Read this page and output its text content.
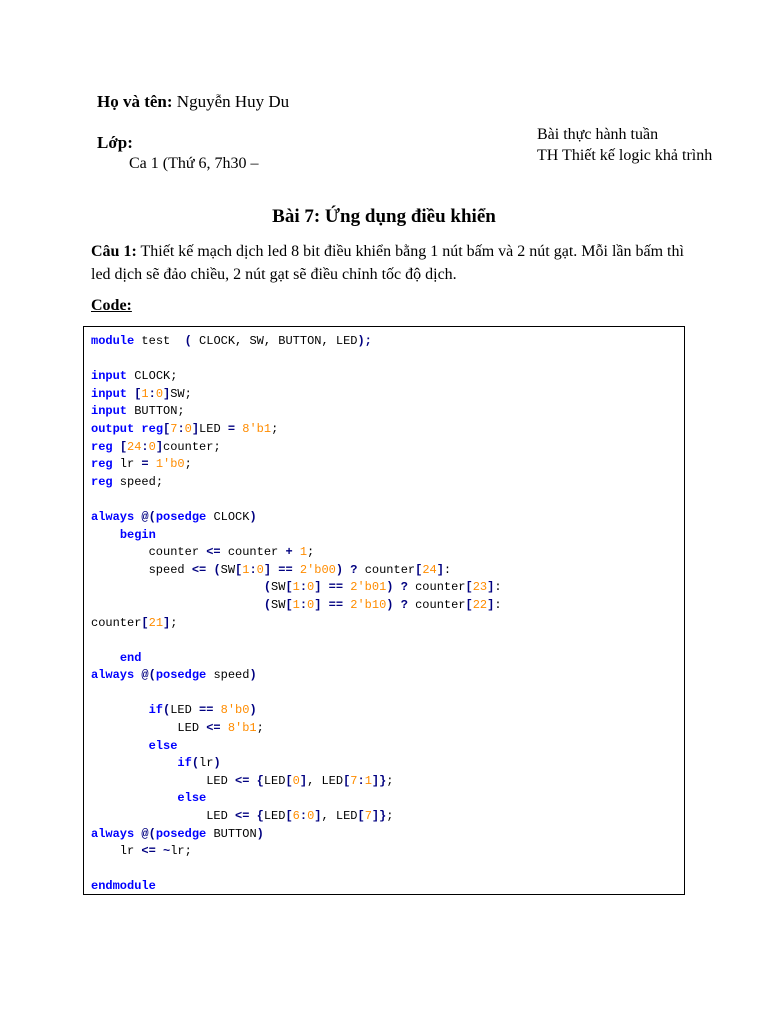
Họ và tên: Nguyễn Huy Du
Lớp:
Ca 1 (Thứ 6, 7h30 –
Bài thực hành tuần
TH Thiết kế logic khả trình
Bài 7: Ứng dụng điều khiển
Câu 1: Thiết kế mạch dịch led 8 bit điều khiển bằng 1 nút bấm và 2 nút gạt. Mỗi lần bấm thì led dịch sẽ đảo chiều, 2 nút gạt sẽ điều chỉnh tốc độ dịch.
Code:
module test  ( CLOCK, SW, BUTTON, LED);
input CLOCK;
input [1:0]SW;
input BUTTON;
output reg[7:0]LED = 8'b1;
reg [24:0]counter;
reg lr = 1'b0;
reg speed;
always @(posedge CLOCK)
begin
counter <= counter + 1;
speed <= (SW[1:0] == 2'b00) ? counter[24]:
(SW[1:0] == 2'b01) ? counter[23]:
(SW[1:0] == 2'b10) ? counter[22]:
counter[21];
end
always @(posedge speed)
if(LED == 8'b0)
LED <= 8'b1;
else
if(lr)
LED <= {LED[0], LED[7:1]};
else
LED <= {LED[6:0], LED[7]};
always @(posedge BUTTON)
lr <= ~lr;
endmodule
